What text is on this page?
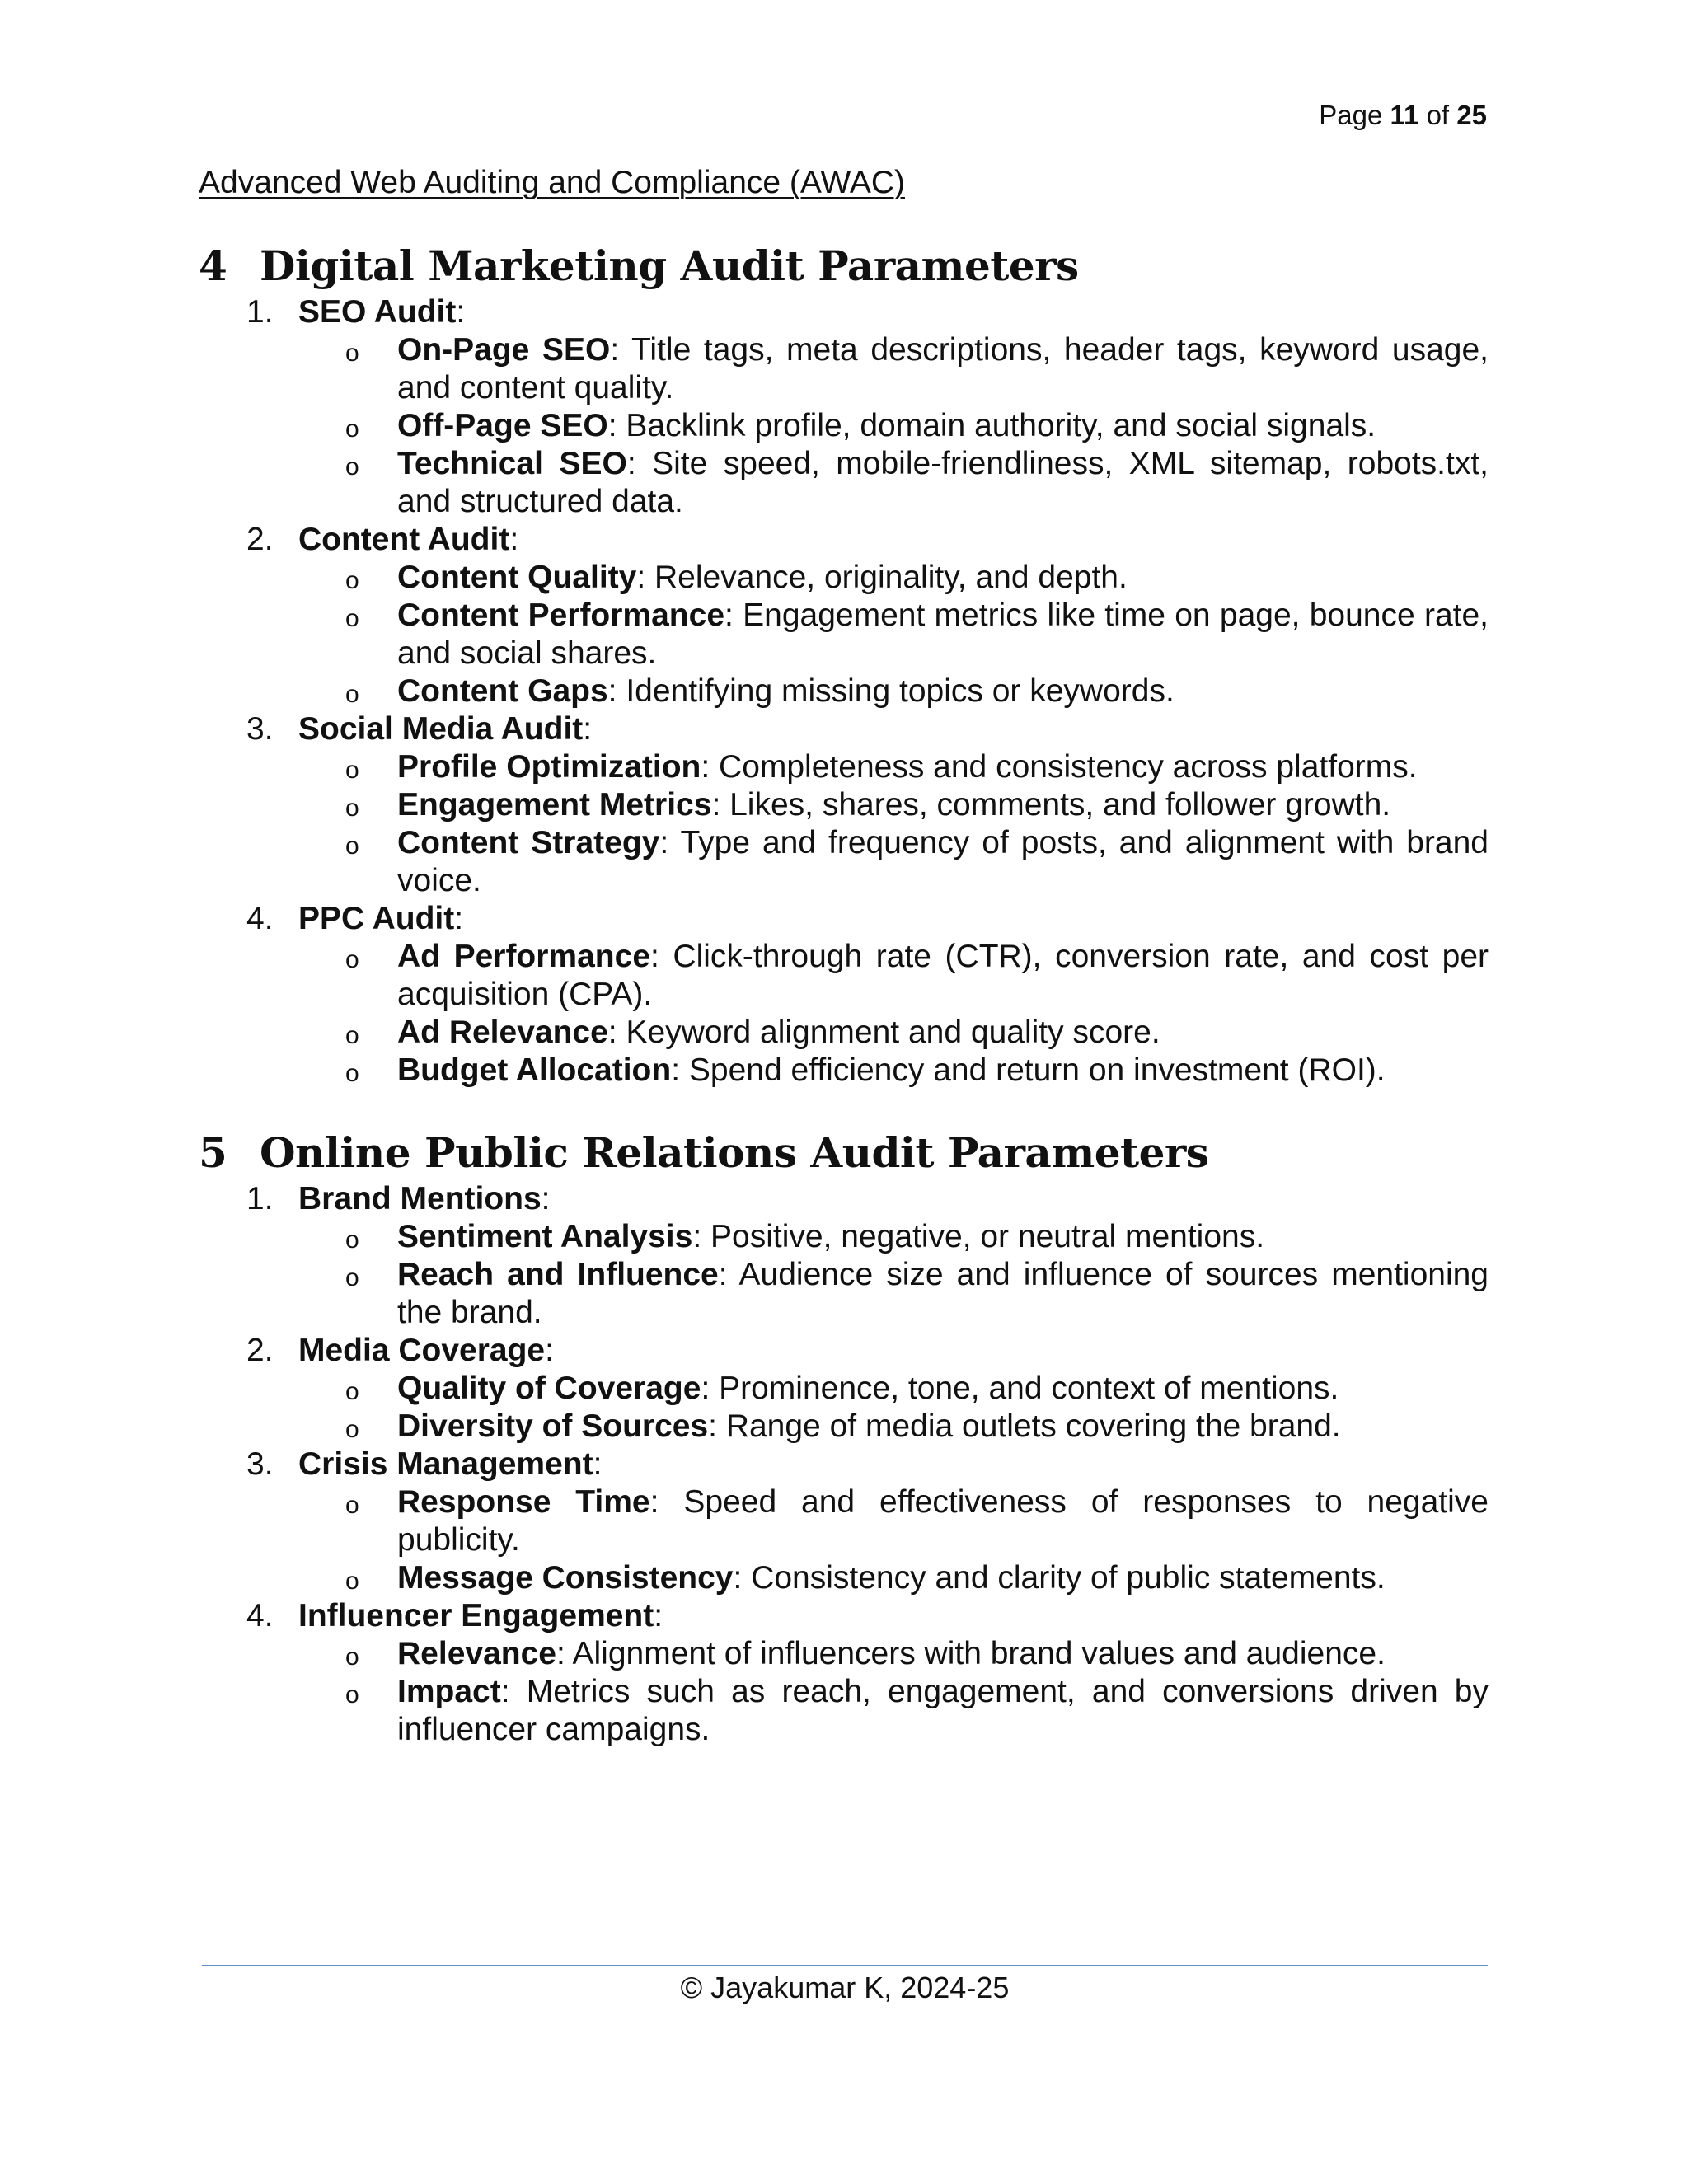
Page 11 of 25
Advanced Web Auditing and Compliance (AWAC)
4 Digital Marketing Audit Parameters
1. SEO Audit:
o On-Page SEO: Title tags, meta descriptions, header tags, keyword usage, and content quality.
o Off-Page SEO: Backlink profile, domain authority, and social signals.
o Technical SEO: Site speed, mobile-friendliness, XML sitemap, robots.txt, and structured data.
2. Content Audit:
o Content Quality: Relevance, originality, and depth.
o Content Performance: Engagement metrics like time on page, bounce rate, and social shares.
o Content Gaps: Identifying missing topics or keywords.
3. Social Media Audit:
o Profile Optimization: Completeness and consistency across platforms.
o Engagement Metrics: Likes, shares, comments, and follower growth.
o Content Strategy: Type and frequency of posts, and alignment with brand voice.
4. PPC Audit:
o Ad Performance: Click-through rate (CTR), conversion rate, and cost per acquisition (CPA).
o Ad Relevance: Keyword alignment and quality score.
o Budget Allocation: Spend efficiency and return on investment (ROI).
5 Online Public Relations Audit Parameters
1. Brand Mentions:
o Sentiment Analysis: Positive, negative, or neutral mentions.
o Reach and Influence: Audience size and influence of sources mentioning the brand.
2. Media Coverage:
o Quality of Coverage: Prominence, tone, and context of mentions.
o Diversity of Sources: Range of media outlets covering the brand.
3. Crisis Management:
o Response Time: Speed and effectiveness of responses to negative publicity.
o Message Consistency: Consistency and clarity of public statements.
4. Influencer Engagement:
o Relevance: Alignment of influencers with brand values and audience.
o Impact: Metrics such as reach, engagement, and conversions driven by influencer campaigns.
© Jayakumar K, 2024-25
